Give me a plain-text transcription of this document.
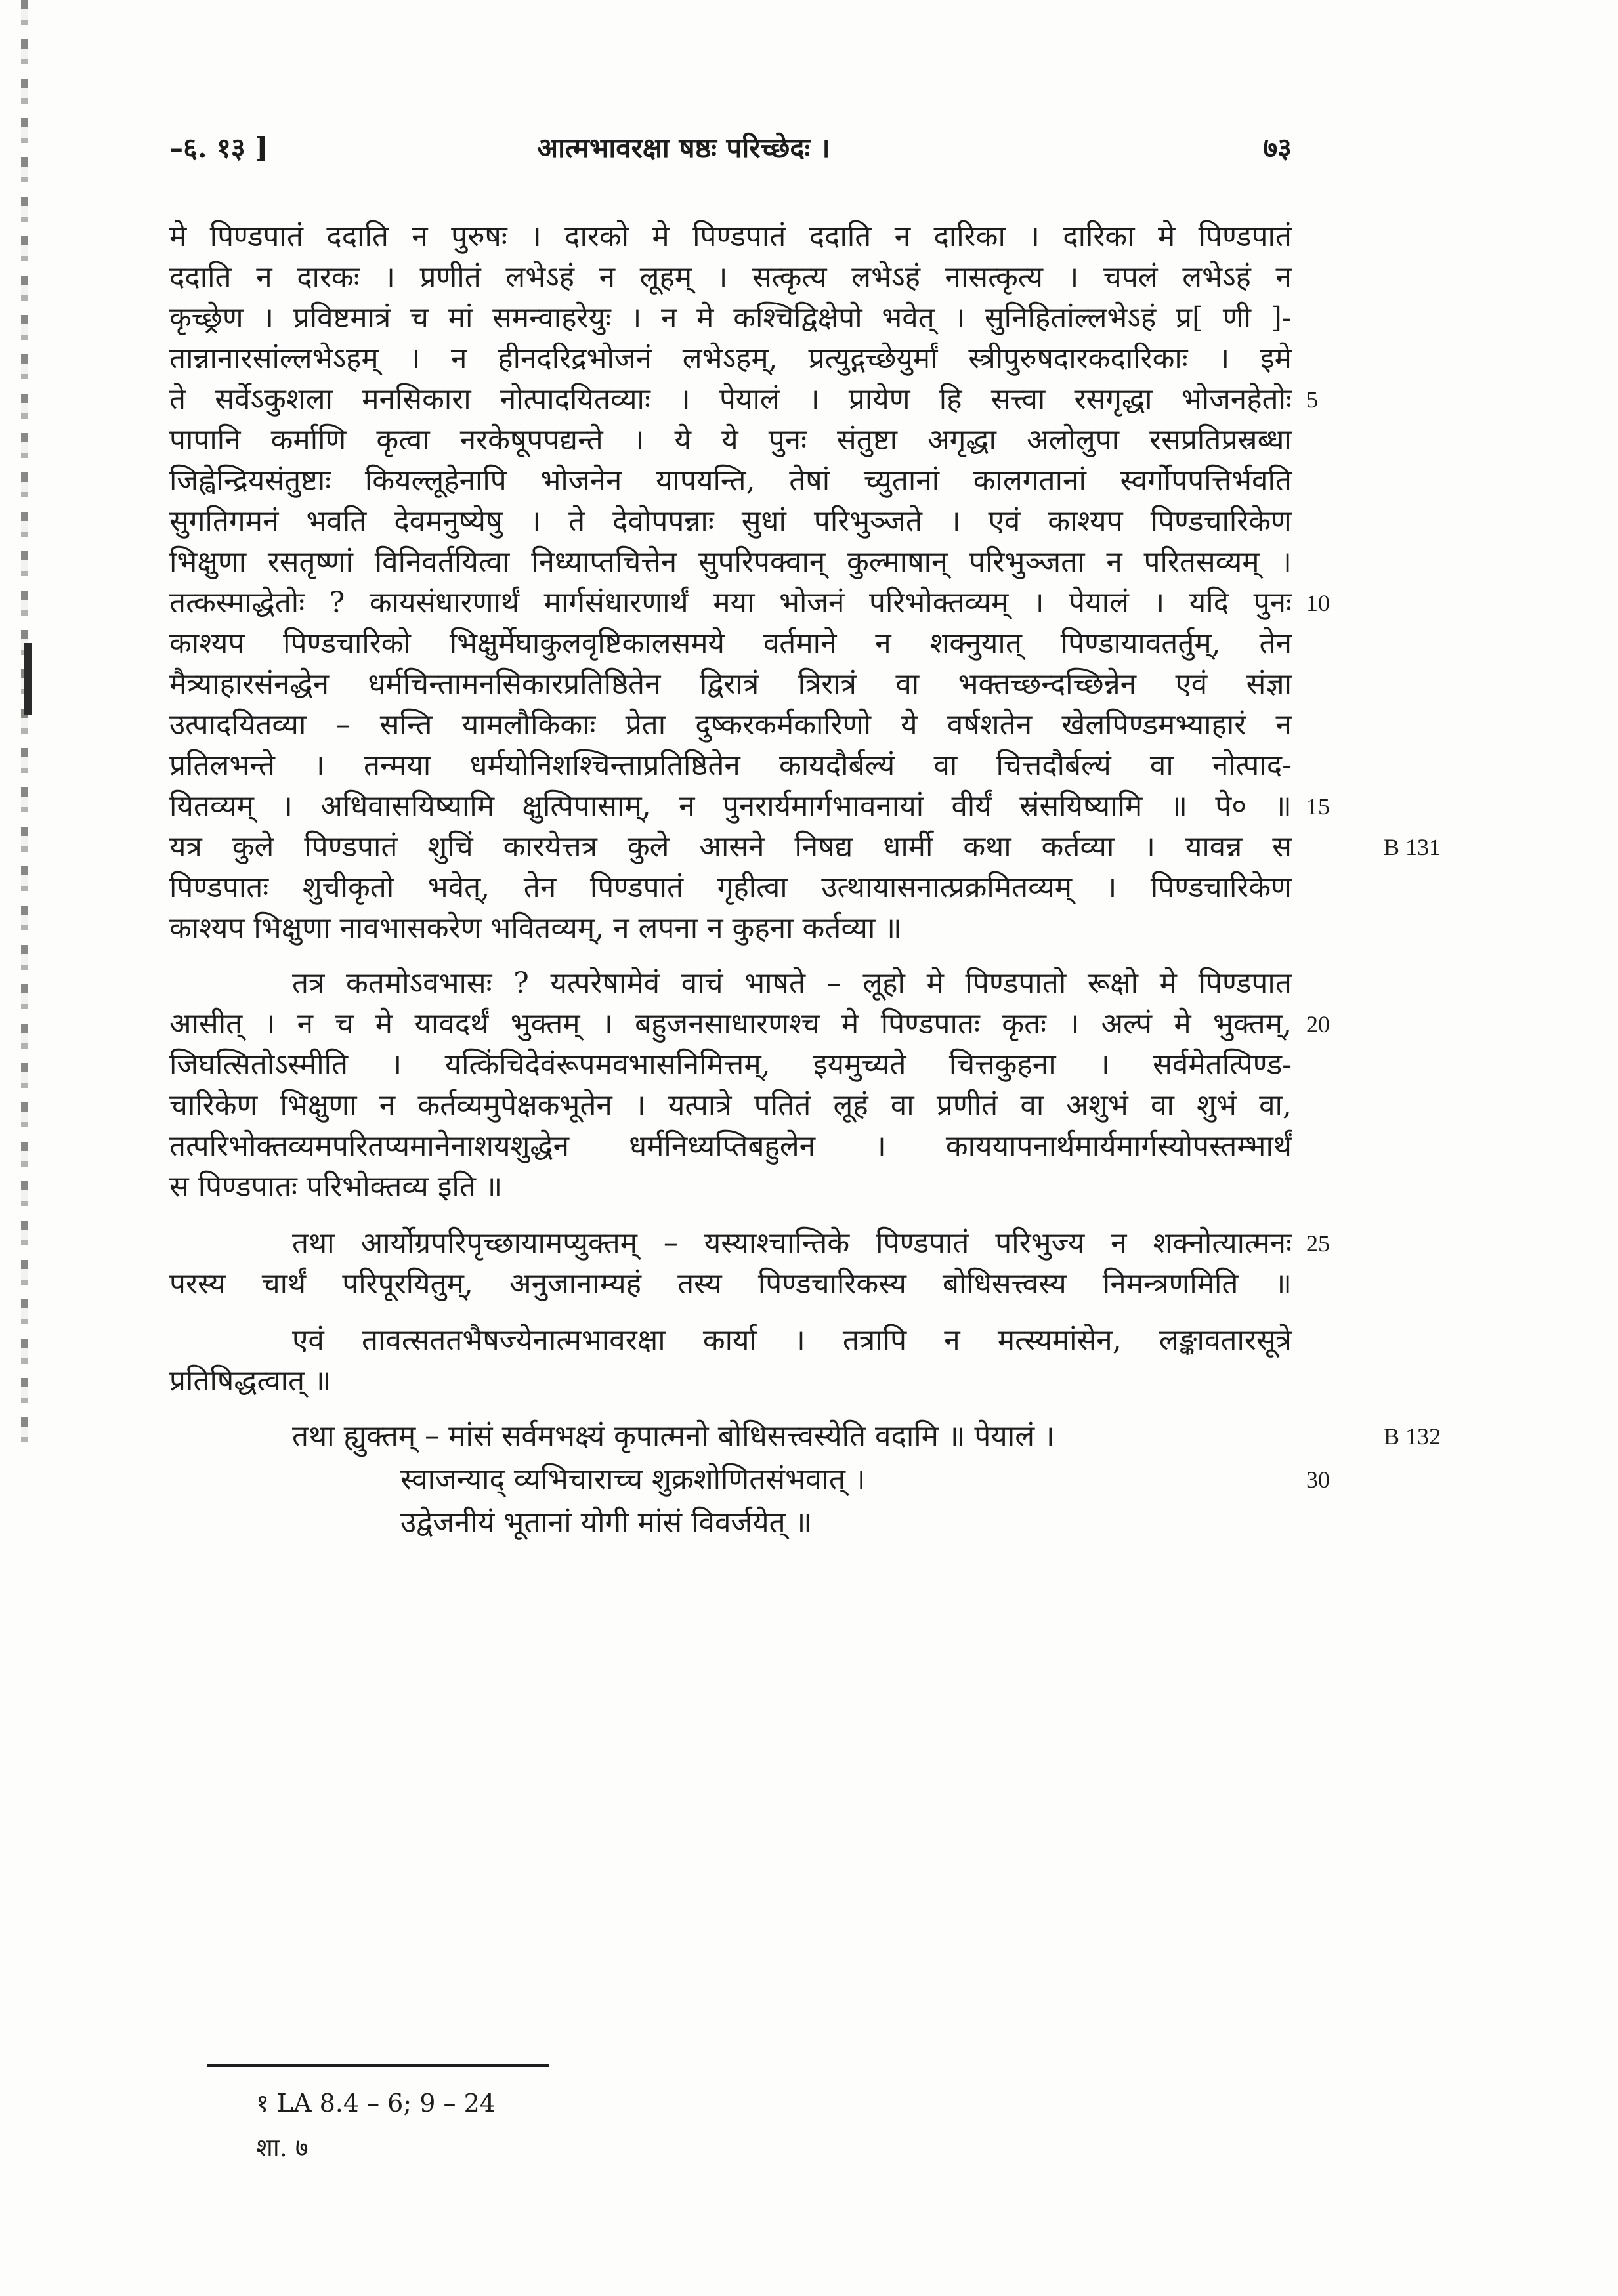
–६. १३ ]	आत्मभावरक्षा षष्ठः परिच्छेदः ।	७३
मे पिण्डपातं ददाति न पुरुषः । दारको मे पिण्डपातं ददाति न दारिका । दारिका मे पिण्डपातं
ददाति न दारकः । प्रणीतं लभेऽहं न लूहम् । सत्कृत्य लभेऽहं नासत्कृत्य । चपलं लभेऽहं न
कृच्छ्रेण । प्रविष्टमात्रं च मां समन्वाहरेयुः । न मे कश्चिद्विक्षेपो भवेत् । सुनिहितांल्लभेऽहं प्र[ णी ]-
तान्नानारसांल्लभेऽहम् । न हीनदरिद्रभोजनं लभेऽहम्, प्रत्युद्गच्छेयुर्मां स्त्रीपुरुषदारकदारिकाः । इमे
ते सर्वेऽकुशला मनसिकारा नोत्पादयितव्याः । पेयालं । प्रायेण हि सत्त्वा रसगृद्धा भोजनहेतोः
पापानि कर्माणि कृत्वा नरकेषूपपद्यन्ते । ये ये पुनः संतुष्टा अगृद्धा अलोलुपा रसप्रतिप्रस्रब्धा
जिह्वेन्द्रियसंतुष्टाः कियल्लूहेनापि भोजनेन यापयन्ति, तेषां च्युतानां कालगतानां स्वर्गोपपत्तिर्भवति
सुगतिगमनं भवति देवमनुष्येषु । ते देवोपपन्नाः सुधां परिभुञ्जते । एवं काश्यप पिण्डचारिकेण
भिक्षुणा रसतृष्णां विनिवर्तयित्वा निध्याप्तचित्तेन सुपरिपक्वान् कुल्माषान् परिभुञ्जता न परितसव्यम् ।
तत्कस्माद्धेतोः ? कायसंधारणार्थं मार्गसंधारणार्थं मया भोजनं परिभोक्तव्यम् । पेयालं । यदि पुनः
काश्यप पिण्डचारिको भिक्षुर्मेघाकुलवृष्टिकालसमये वर्तमाने न शक्नुयात् पिण्डायावतर्तुम्, तेन
मैत्र्याहारसंनद्धेन धर्मचिन्तामनसिकारप्रतिष्ठितेन द्विरात्रं त्रिरात्रं वा भक्तच्छन्दच्छिन्नेन एवं संज्ञा
उत्पादयितव्या – सन्ति यामलौकिकाः प्रेता दुष्करकर्मकारिणो ये वर्षशतेन खेलपिण्डमभ्याहारं न
प्रतिलभन्ते । तन्मया धर्मयोनिशश्चिन्ताप्रतिष्ठितेन कायदौर्बल्यं वा चित्तदौर्बल्यं वा नोत्पाद-
यितव्यम् । अधिवासयिष्यामि क्षुत्पिपासाम्, न पुनरार्यमार्गभावनायां वीर्यं स्रंसयिष्यामि ॥ पे० ॥
यत्र कुले पिण्डपातं शुचिं कारयेत्तत्र कुले आसने निषद्य धार्मी कथा कर्तव्या । यावन्न स
पिण्डपातः शुचीकृतो भवेत्, तेन पिण्डपातं गृहीत्वा उत्थायासनात्प्रक्रमितव्यम् । पिण्डचारिकेण
काश्यप भिक्षुणा नावभासकरेण भवितव्यम्, न लपना न कुहना कर्तव्या ॥
तत्र कतमोऽवभासः ? यत्परेषामेवं वाचं भाषते – लूहो मे पिण्डपातो रूक्षो मे पिण्डपात
आसीत् । न च मे यावदर्थं भुक्तम् । बहुजनसाधारणश्च मे पिण्डपातः कृतः । अल्पं मे भुक्तम्,
जिघत्सितोऽस्मीति । यत्किंचिदेवंरूपमवभासनिमित्तम्, इयमुच्यते चित्तकुहना । सर्वमेतत्पिण्ड-
चारिकेण भिक्षुणा न कर्तव्यमुपेक्षकभूतेन । यत्पात्रे पतितं लूहं वा प्रणीतं वा अशुभं वा शुभं वा,
तत्परिभोक्तव्यमपरितप्यमानेनाशयशुद्धेन धर्मनिध्यप्तिबहुलेन । काययापनार्थमार्यमार्गस्योपस्तम्भार्थं
स पिण्डपातः परिभोक्तव्य इति ॥
तथा आर्योग्रपरिपृच्छायामप्युक्तम् – यस्याश्चान्तिके पिण्डपातं परिभुज्य न शक्नोत्यात्मनः
परस्य चार्थं परिपूरयितुम्, अनुजानाम्यहं तस्य पिण्डचारिकस्य बोधिसत्त्वस्य निमन्त्रणमिति ॥
एवं तावत्सततभैषज्येनात्मभावरक्षा कार्या । तत्रापि न मत्स्यमांसेन, लङ्कावतारसूत्रे
प्रतिषिद्धत्वात् ॥
तथा ह्युक्तम् – मांसं सर्वमभक्ष्यं कृपात्मनो बोधिसत्त्वस्येति वदामि ॥ पेयालं ।
स्वाजन्याद् व्यभिचाराच्च शुक्रशोणितसंभवात् ।
उद्वेजनीयं भूतानां योगी मांसं विवर्जयेत् ॥
5
10
15
20
25
30
B 131
B 132
१ LA 8.4 – 6; 9 – 24
शा. ७
